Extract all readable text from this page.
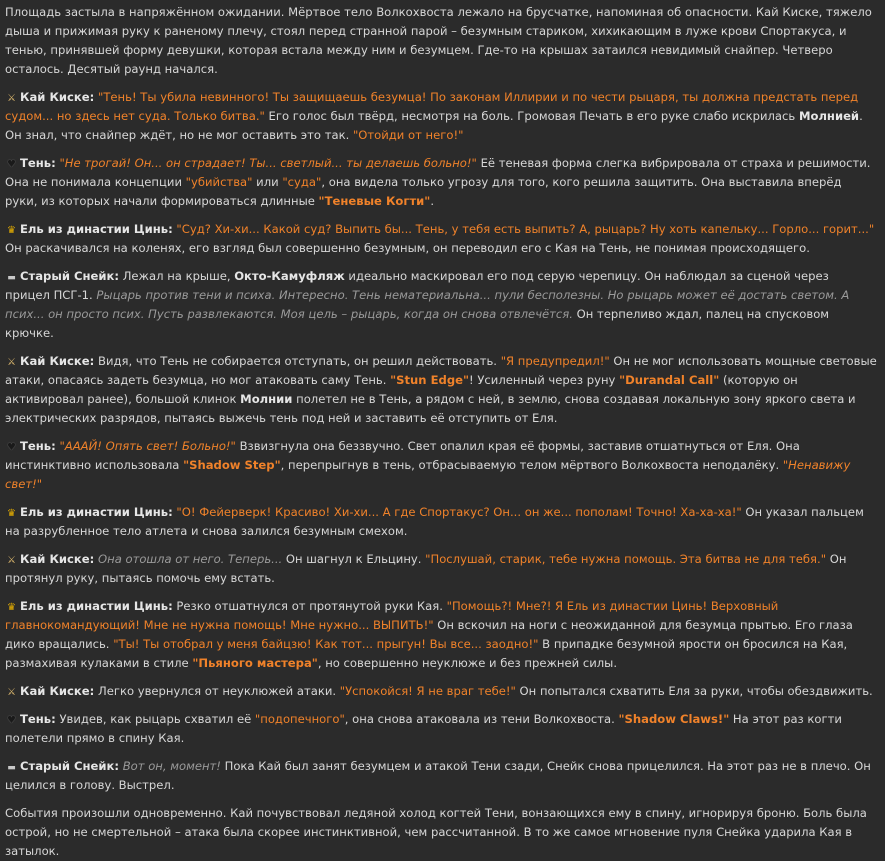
Площадь застыла в напряжённом ожидании. Мёртвое тело Волкохвоста лежало на брусчатке, напоминая об опасности. Кай Киске, тяжело дыша и прижимая руку к раненому плечу, стоял перед странной парой – безумным стариком, хихикающим в луже крови Спортакуса, и тенью, принявшей форму девушки, которая встала между ним и безумцем. Где-то на крышах затаился невидимый снайпер. Четверо осталось. Десятый раунд начался.

⚔ Кай Киске: "Тень! Ты убила невинного! Ты защищаешь безумца! По законам Иллирии и по чести рыцаря, ты должна предстать перед судом... но здесь нет суда. Только битва." Его голос был твёрд, несмотря на боль. Громовая Печать в его руке слабо искрилась Молнией. Он знал, что снайпер ждёт, но не мог оставить это так. "Отойди от него!"

♥ Тень: "Не трогай! Он... он страдает! Ты... светлый... ты делаешь больно!" Её теневая форма слегка вибрировала от страха и решимости. Она не понимала концепции "убийства" или "суда", она видела только угрозу для того, кого решила защитить. Она выставила вперёд руки, из которых начали формироваться длинные "Теневые Когти".

♛ Ель из династии Цинь: "Суд? Хи-хи... Какой суд? Выпить бы... Тень, у тебя есть выпить? А, рыцарь? Ну хоть капельку... Горло... горит..." Он раскачивался на коленях, его взгляд был совершенно безумным, он переводил его с Кая на Тень, не понимая происходящего.

▬ Старый Снейк: Лежал на крыше, Окто-Камуфляж идеально маскировал его под серую черепицу. Он наблюдал за сценой через прицел ПСГ-1. Рыцарь против тени и психа. Интересно. Тень нематериальна... пули бесполезны. Но рыцарь может её достать светом. А псих... он просто псих. Пусть развлекаются. Моя цель – рыцарь, когда он снова отвлечётся. Он терпеливо ждал, палец на спусковом крючке.

⚔ Кай Киске: Видя, что Тень не собирается отступать, он решил действовать. "Я предупредил!" Он не мог использовать мощные световые атаки, опасаясь задеть безумца, но мог атаковать саму Тень. "Stun Edge"! Усиленный через руну "Durandal Call" (которую он активировал ранее), большой клинок Молнии полетел не в Тень, а рядом с ней, в землю, снова создавая локальную зону яркого света и электрических разрядов, пытаясь выжечь тень под ней и заставить её отступить от Еля.

♥ Тень: "АААЙ! Опять свет! Больно!" Взвизгнула она беззвучно. Свет опалил края её формы, заставив отшатнуться от Еля. Она инстинктивно использовала "Shadow Step", перепрыгнув в тень, отбрасываемую телом мёртвого Волкохвоста неподалёку. "Ненавижу свет!"

♛ Ель из династии Цинь: "О! Фейерверк! Красиво! Хи-хи... А где Спортакус? Он... он же... пополам! Точно! Ха-ха-ха!" Он указал пальцем на разрубленное тело атлета и снова залился безумным смехом.

⚔ Кай Киске: Она отошла от него. Теперь... Он шагнул к Ельцину. "Послушай, старик, тебе нужна помощь. Эта битва не для тебя." Он протянул руку, пытаясь помочь ему встать.

♛ Ель из династии Цинь: Резко отшатнулся от протянутой руки Кая. "Помощь?! Мне?! Я Ель из династии Цинь! Верховный главнокомандующий! Мне не нужна помощь! Мне нужно... ВЫПИТЬ!" Он вскочил на ноги с неожиданной для безумца прытью. Его глаза дико вращались. "Ты! Ты отобрал у меня байцзю! Как тот... прыгун! Вы все... заодно!" В припадке безумной ярости он бросился на Кая, размахивая кулаками в стиле "Пьяного мастера", но совершенно неуклюже и без прежней силы.

⚔ Кай Киске: Легко увернулся от неуклюжей атаки. "Успокойся! Я не враг тебе!" Он попытался схватить Еля за руки, чтобы обездвижить.

♥ Тень: Увидев, как рыцарь схватил её "подопечного", она снова атаковала из тени Волкохвоста. "Shadow Claws!" На этот раз когти полетели прямо в спину Кая.

▬ Старый Снейк: Вот он, момент! Пока Кай был занят безумцем и атакой Тени сзади, Снейк снова прицелился. На этот раз не в плечо. Он целился в голову. Выстрел.

События произошли одновременно. Кай почувствовал ледяной холод когтей Тени, вонзающихся ему в спину, игнорируя броню. Боль была острой, но не смертельной – атака была скорее инстинктивной, чем рассчитанной. В то же самое мгновение пуля Снейка ударила Кая в затылок.
